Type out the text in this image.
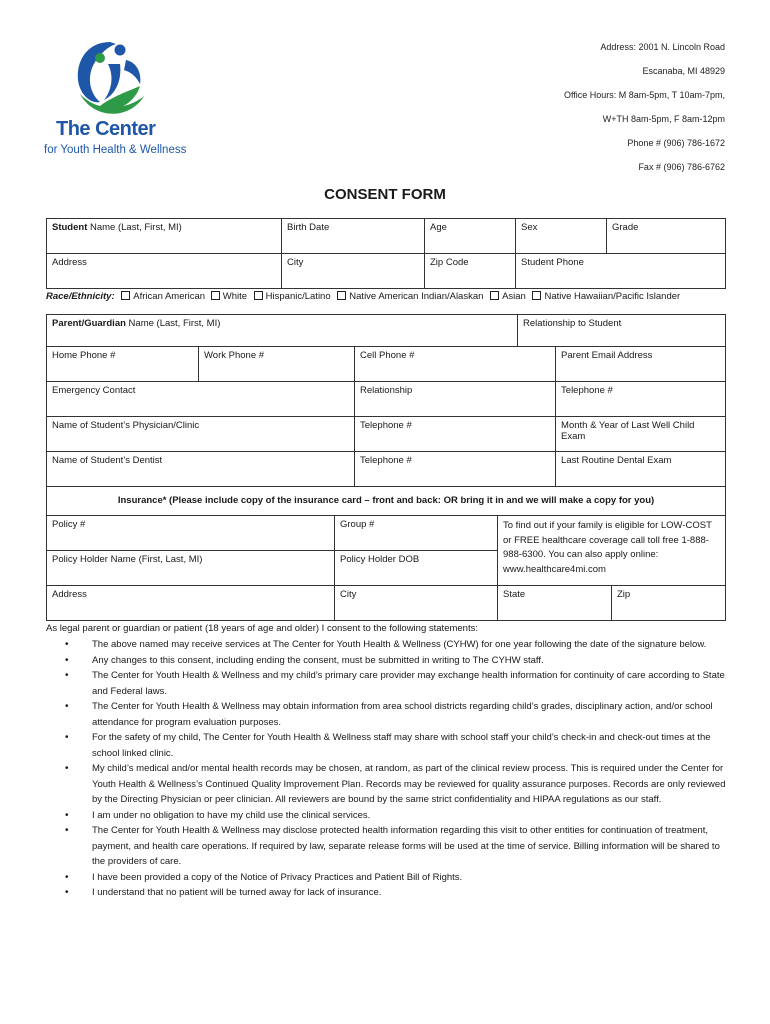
The Center
for Youth Health & Wellness
Address: 2001 N. Lincoln Road
Escanaba, MI 48929
Office Hours: M 8am-5pm, T 10am-7pm,
W+TH 8am-5pm, F 8am-12pm
Phone # (906) 786-1672
Fax # (906) 786-6762
CONSENT FORM
Student Name (Last, First, MI)	Birth Date	Age	Sex	Grade
Address	City	Zip Code	Student Phone	
Race/Ethnicity: African American White Hispanic/Latino Native American Indian/Alaskan Asian Native Hawaiian/Pacific Islander
Parent/Guardian Name (Last, First, MI)			Relationship to Student	
Home Phone #	Work Phone #	Cell Phone #		Parent Email Address
Emergency Contact		Relationship		Telephone #
Name of Student’s Physician/Clinic		Telephone #		Month & Year of Last Well Child Exam
Name of Student’s Dentist		Telephone #		Last Routine Dental Exam
Insurance* (Please include copy of the insurance card – front and back: OR bring it in and we will make a copy for you)			
Policy #	Group #	To find out if your family is eligible for LOW-COST or FREE healthcare coverage call toll free 1-888-988-6300. You can also apply online: www.healthcare4mi.com	
Policy Holder Name (First, Last, MI)	Policy Holder DOB		
Address	City	State	Zip
As legal parent or guardian or patient (18 years of age and older) I consent to the following statements:
• The above named may receive services at The Center for Youth Health & Wellness (CYHW) for one year following the date of the signature below.
• Any changes to this consent, including ending the consent, must be submitted in writing to The CYHW staff.
• The Center for Youth Health & Wellness and my child’s primary care provider may exchange health information for continuity of care according to State and Federal laws.
• The Center for Youth Health & Wellness may obtain information from area school districts regarding child’s grades, disciplinary action, and/or school attendance for program evaluation purposes.
• For the safety of my child, The Center for Youth Health & Wellness staff may share with school staff your child’s check-in and check-out times at the school linked clinic.
• My child’s medical and/or mental health records may be chosen, at random, as part of the clinical review process. This is required under the Center for Youth Health & Wellness’s Continued Quality Improvement Plan. Records may be reviewed for quality assurance purposes. Records are only reviewed by the Directing Physician or peer clinician. All reviewers are bound by the same strict confidentiality and HIPAA regulations as our staff.
• I am under no obligation to have my child use the clinical services.
• The Center for Youth Health & Wellness may disclose protected health information regarding this visit to other entities for continuation of treatment, payment, and health care operations. If required by law, separate release forms will be used at the time of service. Billing information will be shared to the providers of care.
• I have been provided a copy of the Notice of Privacy Practices and Patient Bill of Rights.
• I understand that no patient will be turned away for lack of insurance.
